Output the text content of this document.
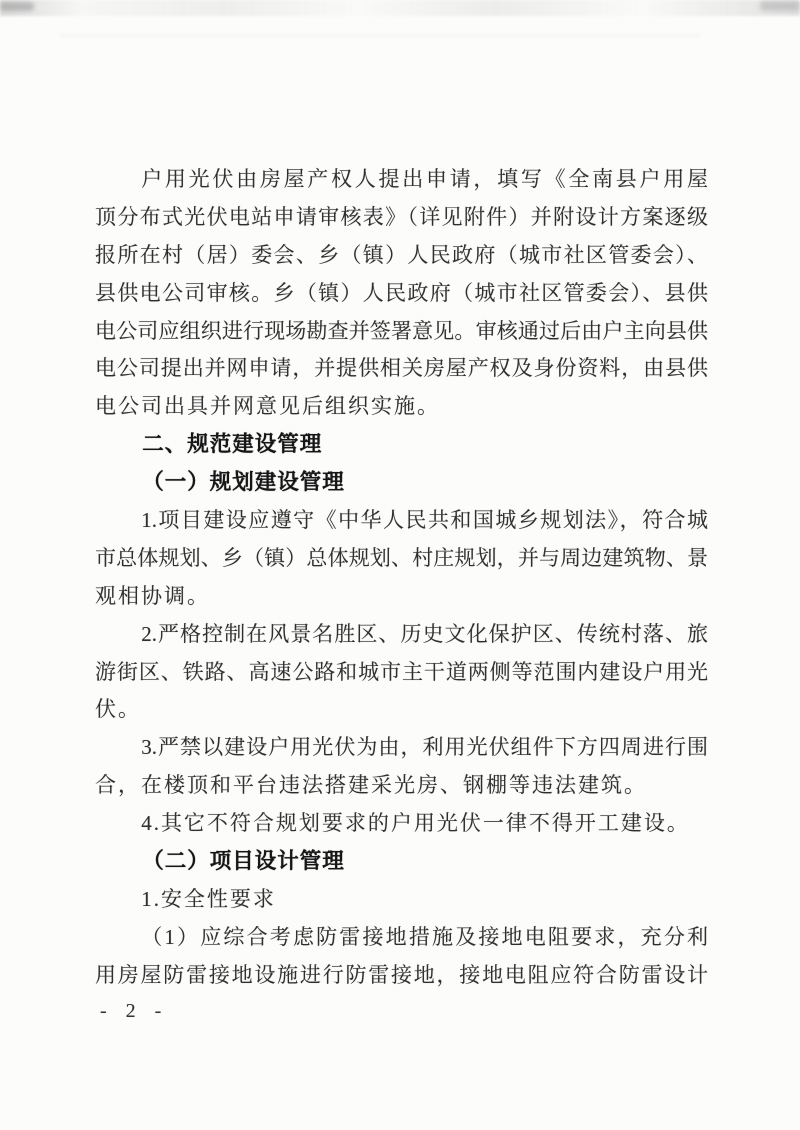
户用光伏由房屋产权人提出申请，填写《全南县户用屋
顶分布式光伏电站申请审核表》（详见附件）并附设计方案逐级
报所在村（居）委会、乡（镇）人民政府（城市社区管委会）、
县供电公司审核。乡（镇）人民政府（城市社区管委会）、县供
电公司应组织进行现场勘查并签署意见。审核通过后由户主向县供
电公司提出并网申请，并提供相关房屋产权及身份资料，由县供
电公司出具并网意见后组织实施。
二、规范建设管理
（一）规划建设管理
1.项目建设应遵守《中华人民共和国城乡规划法》，符合城
市总体规划、乡（镇）总体规划、村庄规划，并与周边建筑物、景
观相协调。
2.严格控制在风景名胜区、历史文化保护区、传统村落、旅
游街区、铁路、高速公路和城市主干道两侧等范围内建设户用光
伏。
3.严禁以建设户用光伏为由，利用光伏组件下方四周进行围
合，在楼顶和平台违法搭建采光房、钢棚等违法建筑。
4.其它不符合规划要求的户用光伏一律不得开工建设。
（二）项目设计管理
1.安全性要求
（1）应综合考虑防雷接地措施及接地电阻要求，充分利
用房屋防雷接地设施进行防雷接地，接地电阻应符合防雷设计
- 2 -
